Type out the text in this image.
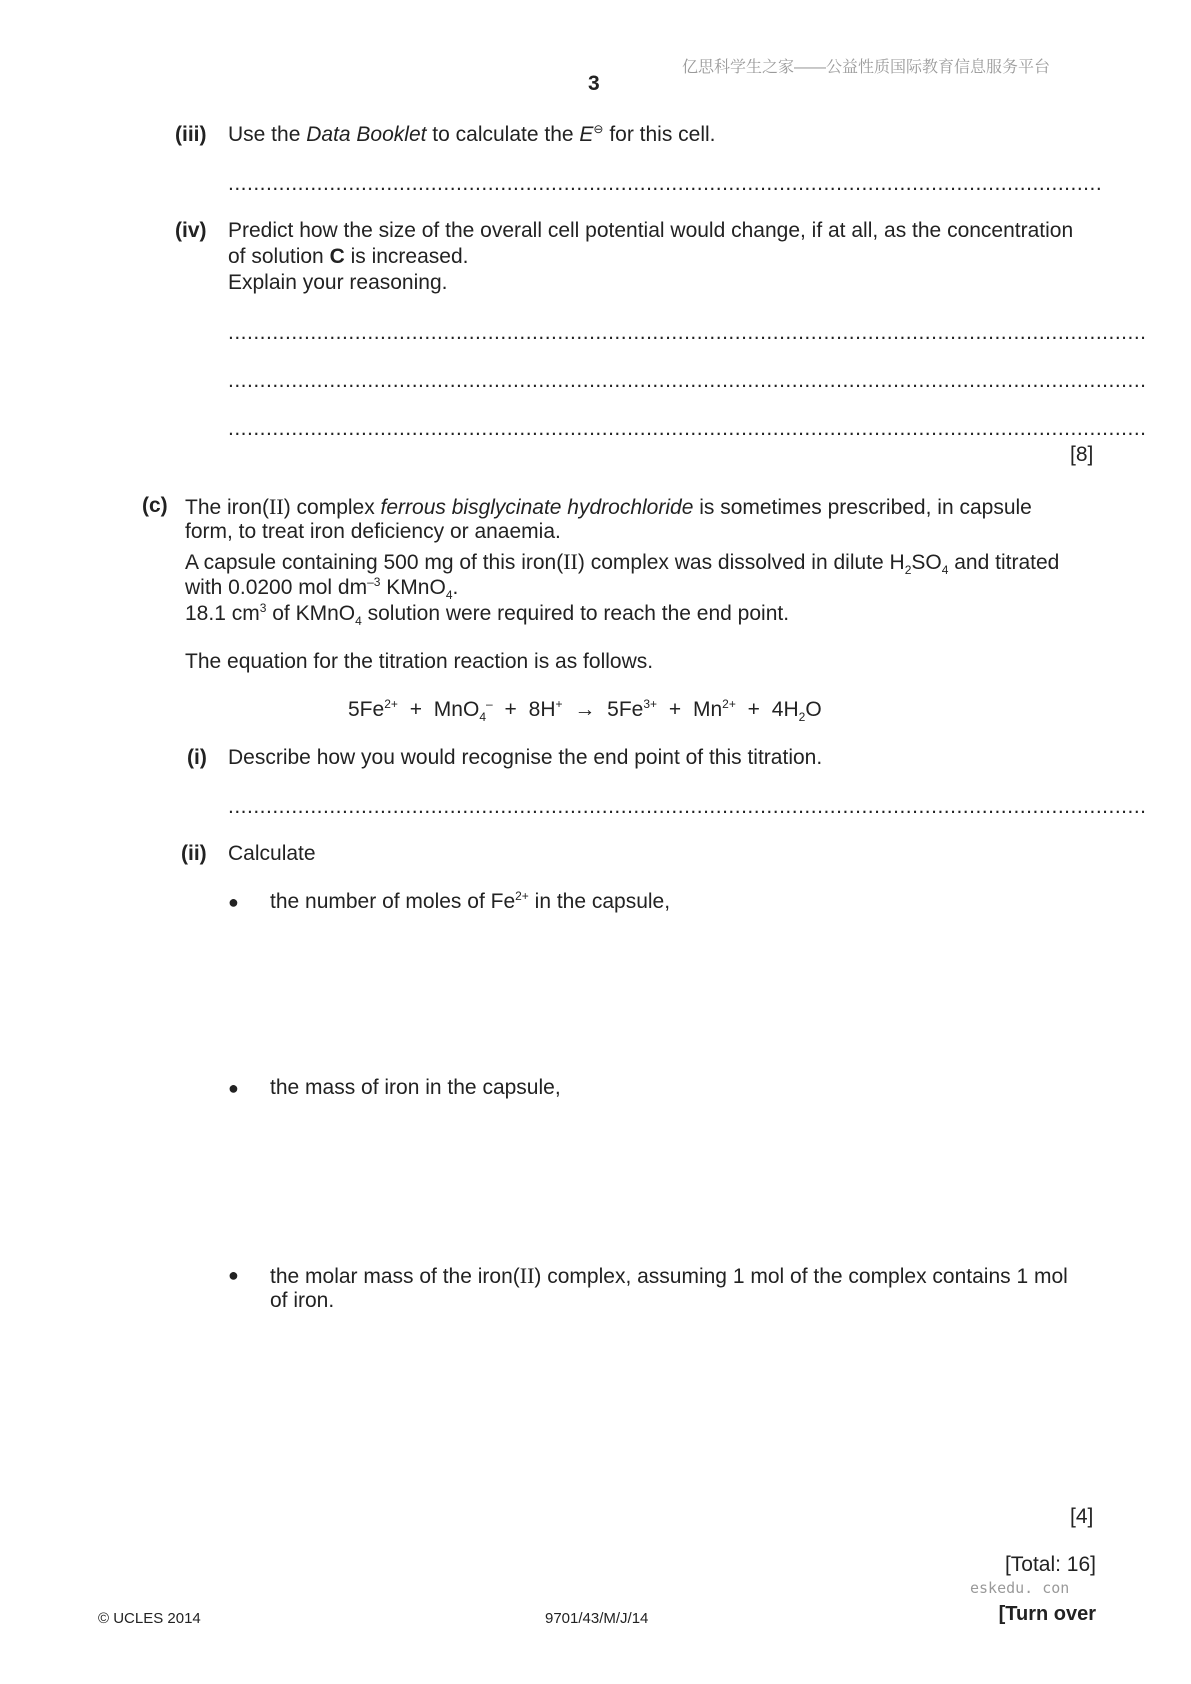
亿思科学生之家——公益性质国际教育信息服务平台
3
(iii) Use the Data Booklet to calculate the E⊖ for this cell.
..........................................................................................................................................
(iv) Predict how the size of the overall cell potential would change, if at all, as the concentration
of solution C is increased.
Explain your reasoning.
.................................................................................................................................................
.................................................................................................................................................
.................................................................................................................................................
[8]
(c) The iron(II) complex ferrous bisglycinate hydrochloride is sometimes prescribed, in capsule
form, to treat iron deficiency or anaemia.
A capsule containing 500 mg of this iron(II) complex was dissolved in dilute $H_2SO_4$ and titrated
with 0.0200 mol $dm^{-3}$ KMnO$_4$.
18.1 $cm^3$ of KMnO$_4$ solution were required to reach the end point.
The equation for the titration reaction is as follows.
$5Fe^{2+} + MnO_4^- + 8H^+ \to 5Fe^{3+} + Mn^{2+} + 4H_2O$
(i) Describe how you would recognise the end point of this titration.
.................................................................................................................................................
(ii) Calculate
● the number of moles of $Fe^{2+}$ in the capsule,
● the mass of iron in the capsule,
● the molar mass of the iron(II) complex, assuming 1 mol of the complex contains 1 mol
of iron.
[4]
[Total: 16]
eskedu. con
© UCLES 2014	9701/43/M/J/14	[Turn over
